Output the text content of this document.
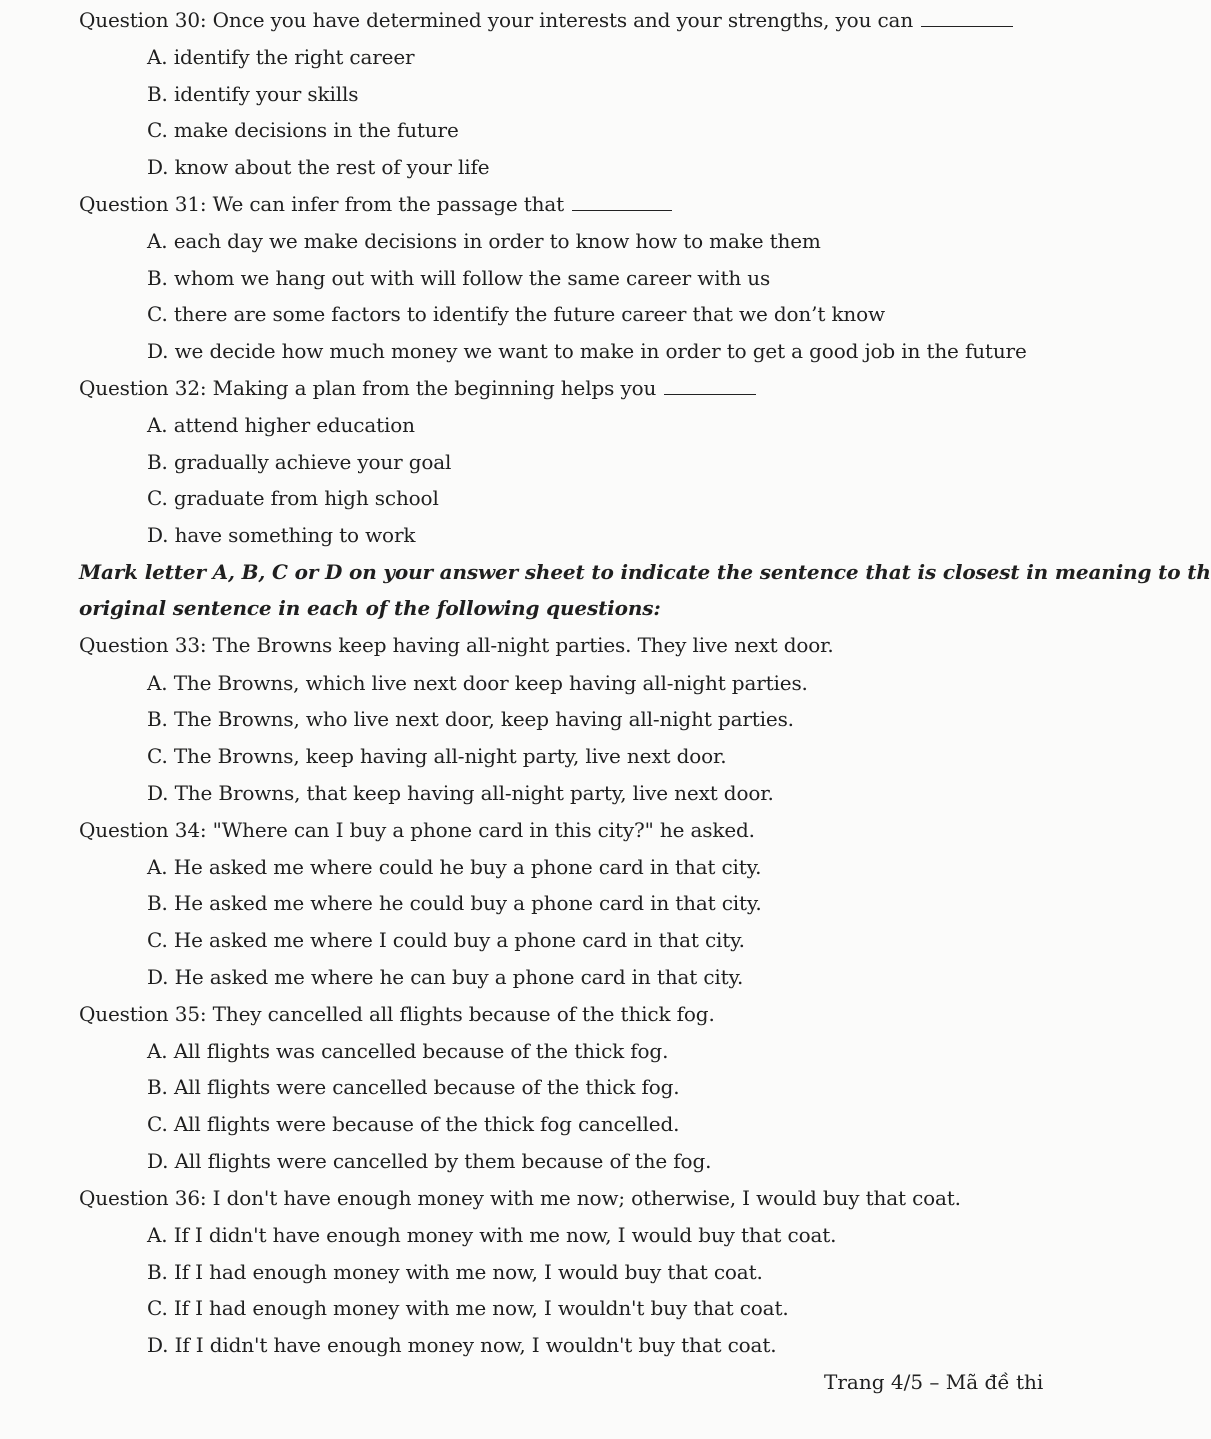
Question 30: Once you have determined your interests and your strengths, you can
A. identify the right career
B. identify your skills
C. make decisions in the future
D. know about the rest of your life
Question 31: We can infer from the passage that
A. each day we make decisions in order to know how to make them
B. whom we hang out with will follow the same career with us
C. there are some factors to identify the future career that we don’t know
D. we decide how much money we want to make in order to get a good job in the future
Question 32: Making a plan from the beginning helps you
A. attend higher education
B. gradually achieve your goal
C. graduate from high school
D. have something to work
Mark letter A, B, C or D on your answer sheet to indicate the sentence that is closest in meaning to th
original sentence in each of the following questions:
Question 33: The Browns keep having all-night parties. They live next door.
A. The Browns, which live next door keep having all-night parties.
B. The Browns, who live next door, keep having all-night parties.
C. The Browns, keep having all-night party, live next door.
D. The Browns, that keep having all-night party, live next door.
Question 34: "Where can I buy a phone card in this city?" he asked.
A. He asked me where could he buy a phone card in that city.
B. He asked me where he could buy a phone card in that city.
C. He asked me where I could buy a phone card in that city.
D. He asked me where he can buy a phone card in that city.
Question 35: They cancelled all flights because of the thick fog.
A. All flights was cancelled because of the thick fog.
B. All flights were cancelled because of the thick fog.
C. All flights were because of the thick fog cancelled.
D. All flights were cancelled by them because of the fog.
Question 36: I don't have enough money with me now; otherwise, I would buy that coat.
A. If I didn't have enough money with me now, I would buy that coat.
B. If I had enough money with me now, I would buy that coat.
C. If I had enough money with me now, I wouldn't buy that coat.
D. If I didn't have enough money now, I wouldn't buy that coat.
Trang 4/5 – Mã đề thi
